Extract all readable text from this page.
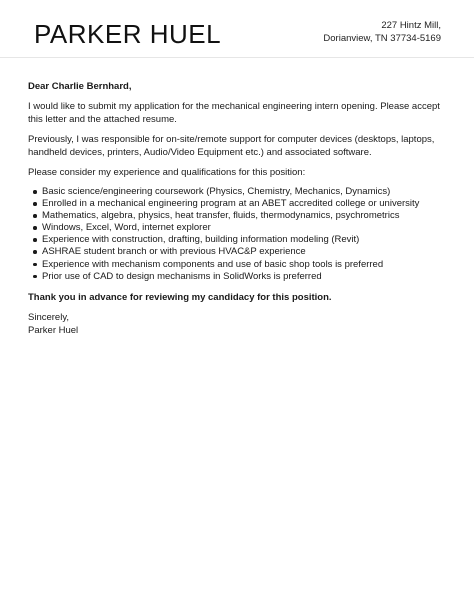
PARKER HUEL	227 Hintz Mill,
Dorianview, TN 37734-5169

Dear Charlie Bernhard,

I would like to submit my application for the mechanical engineering intern opening. Please accept this letter and the attached resume.

Previously, I was responsible for on-site/remote support for computer devices (desktops, laptops, handheld devices, printers, Audio/Video Equipment etc.) and associated software.

Please consider my experience and qualifications for this position:

Basic science/engineering coursework (Physics, Chemistry, Mechanics, Dynamics)
Enrolled in a mechanical engineering program at an ABET accredited college or university
Mathematics, algebra, physics, heat transfer, fluids, thermodynamics, psychrometrics
Windows, Excel, Word, internet explorer
Experience with construction, drafting, building information modeling (Revit)
ASHRAE student branch or with previous HVAC&P experience
Experience with mechanism components and use of basic shop tools is preferred
Prior use of CAD to design mechanisms in SolidWorks is preferred

Thank you in advance for reviewing my candidacy for this position.

Sincerely,
Parker Huel
